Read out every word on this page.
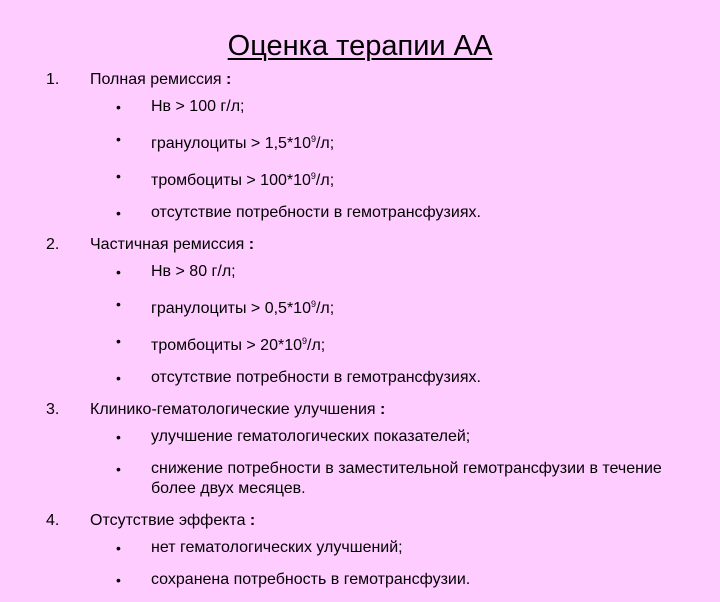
Оценка терапии АА
1. Полная ремиссия :
• Нв > 100 г/л;
• гранулоциты > $1,5*10^9/л$;
• тромбоциты > $100*10^9/л$;
• отсутствие потребности в гемотрансфузиях.
2. Частичная ремиссия :
• Нв > 80 г/л;
• гранулоциты > $0,5*10^9/л$;
• тромбоциты > $20*10^9/л$;
• отсутствие потребности в гемотрансфузиях.
3. Клинико-гематологические улучшения :
• улучшение гематологических показателей;
• снижение потребности в заместительной гемотрансфузии в течение более двух месяцев.
4. Отсутствие эффекта :
• нет гематологических улучшений;
• сохранена потребность в гемотрансфузии.
